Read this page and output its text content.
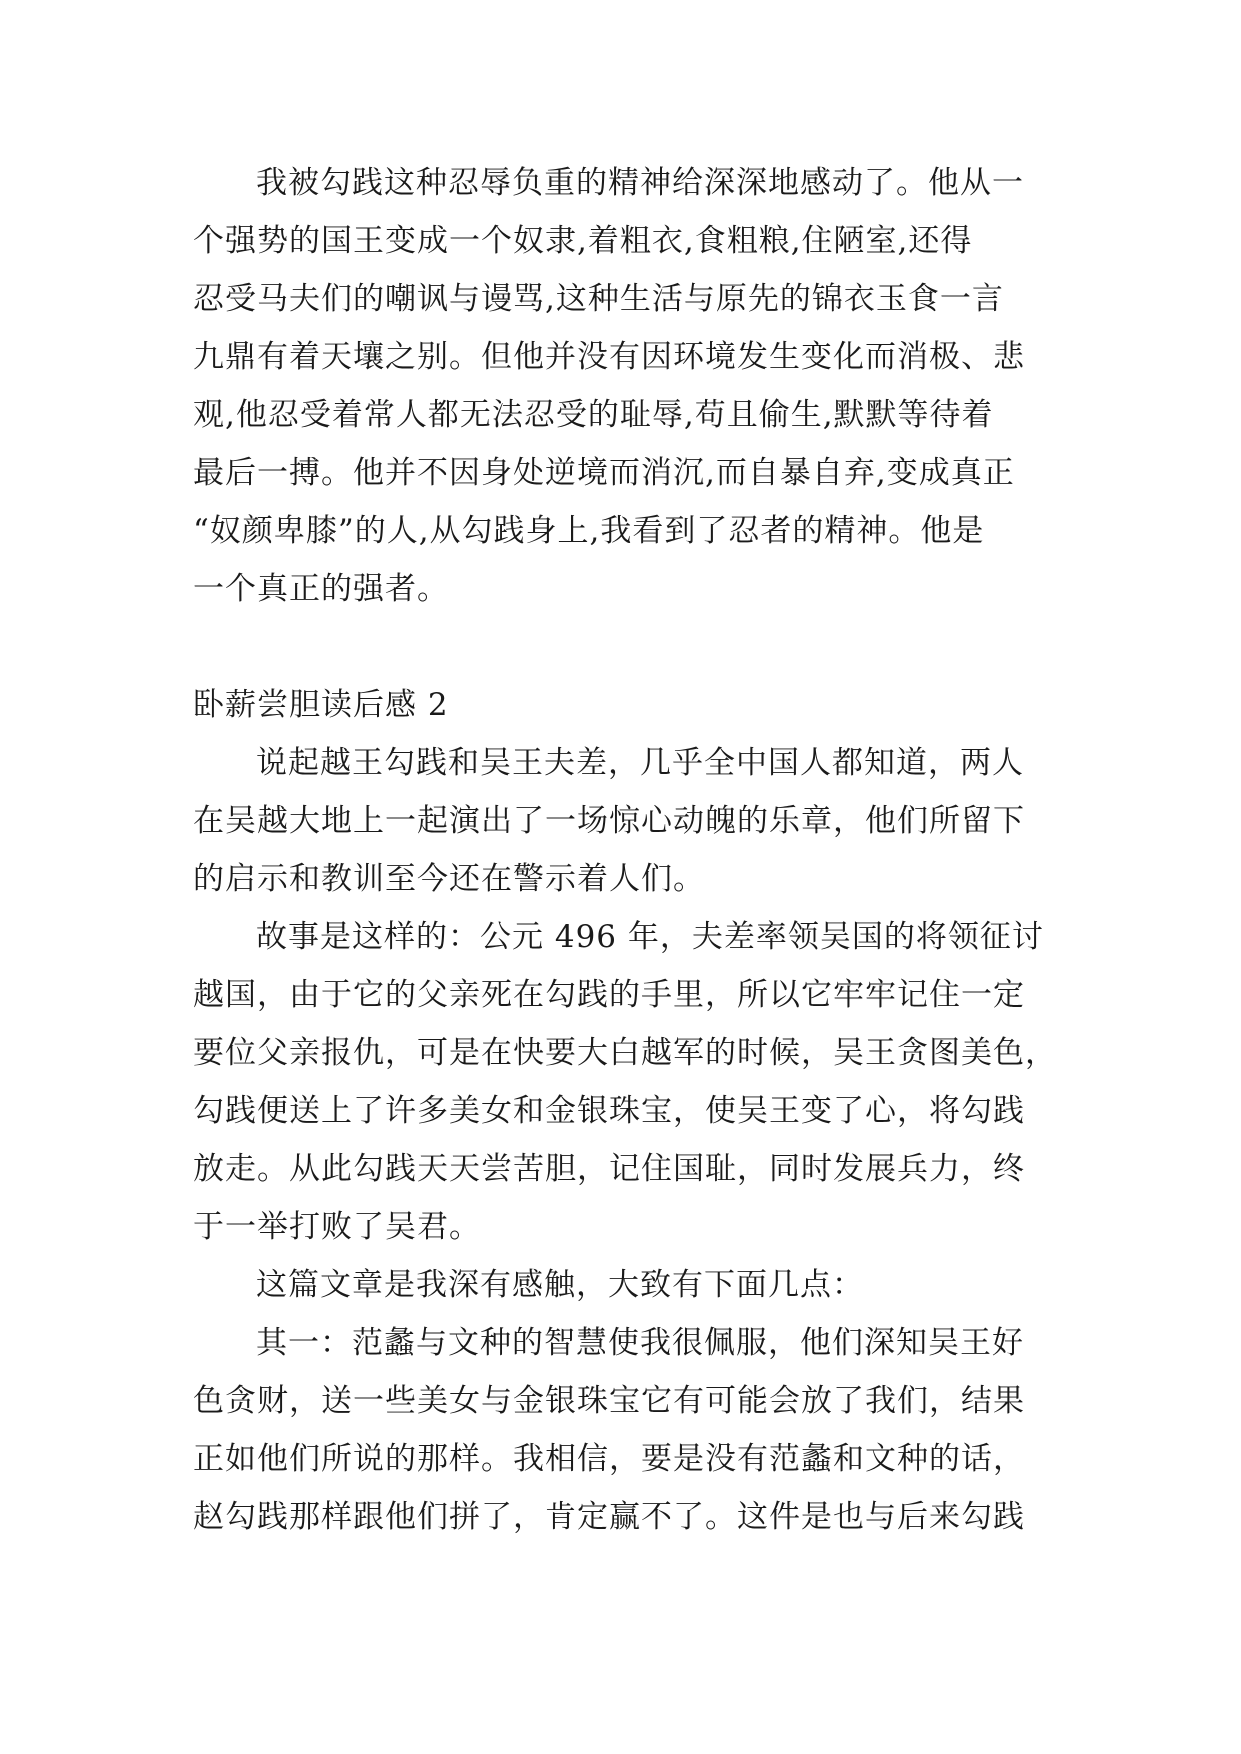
我被勾践这种忍辱负重的精神给深深地感动了。他从一
个强势的国王变成一个奴隶,着粗衣,食粗粮,住陋室,还得
忍受马夫们的嘲讽与谩骂,这种生活与原先的锦衣玉食一言
九鼎有着天壤之别。但他并没有因环境发生变化而消极、悲
观,他忍受着常人都无法忍受的耻辱,苟且偷生,默默等待着
最后一搏。他并不因身处逆境而消沉,而自暴自弃,变成真正
“奴颜卑膝”的人,从勾践身上,我看到了忍者的精神。他是
一个真正的强者。
卧薪尝胆读后感 2
说起越王勾践和吴王夫差，几乎全中国人都知道，两人
在吴越大地上一起演出了一场惊心动魄的乐章，他们所留下
的启示和教训至今还在警示着人们。
故事是这样的：公元 496 年，夫差率领吴国的将领征讨
越国，由于它的父亲死在勾践的手里，所以它牢牢记住一定
要位父亲报仇，可是在快要大白越军的时候，吴王贪图美色，
勾践便送上了许多美女和金银珠宝，使吴王变了心，将勾践
放走。从此勾践天天尝苦胆，记住国耻，同时发展兵力，终
于一举打败了吴君。
这篇文章是我深有感触，大致有下面几点：
其一：范蠡与文种的智慧使我很佩服，他们深知吴王好
色贪财，送一些美女与金银珠宝它有可能会放了我们，结果
正如他们所说的那样。我相信，要是没有范蠡和文种的话，
赵勾践那样跟他们拼了，肯定赢不了。这件是也与后来勾践
